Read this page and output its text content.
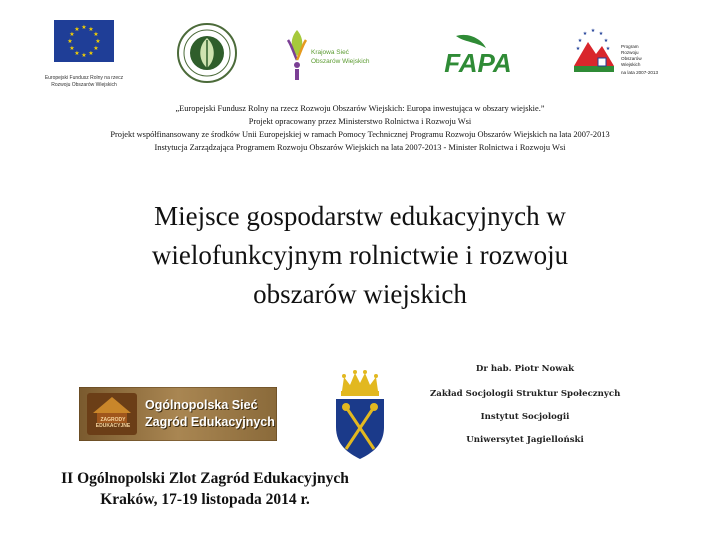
★ ★
★
★
★
★
★
★
★
★
★
★
Europejski Fundusz Rolny na rzecz
Rozwoju Obszarów Wiejskich
Krajowa Sieć
Obszarów Wiejskich	FAPA
★ ★
★
★
★
★
★
Program
Rozwoju
Obszarów
Wiejskich
na lata 2007-2013
„Europejski Fundusz Rolny na rzecz Rozwoju Obszarów Wiejskich: Europa inwestująca w obszary wiejskie.”
Projekt opracowany przez Ministerstwo Rolnictwa i Rozwoju Wsi
Projekt współfinansowany ze środków Unii Europejskiej w ramach Pomocy Technicznej Programu Rozwoju Obszarów Wiejskich na lata 2007-2013
Instytucja Zarządzająca Programem Rozwoju Obszarów Wiejskich na lata 2007-2013 - Minister Rolnictwa i Rozwoju Wsi
Miejsce gospodarstw edukacyjnych w
wielofunkcyjnym rolnictwie i rozwoju
obszarów wiejskich
Dr hab. Piotr Nowak
Zakład Socjologii Struktur Społecznych
Instytut Socjologii
Uniwersytet Jagielloński
ZAGRODY EDUKACYJNE
Ogólnopolska Sieć
Zagród Edukacyjnych
II Ogólnopolski Zlot Zagród Edukacyjnych
Kraków, 17-19 listopada 2014 r.
